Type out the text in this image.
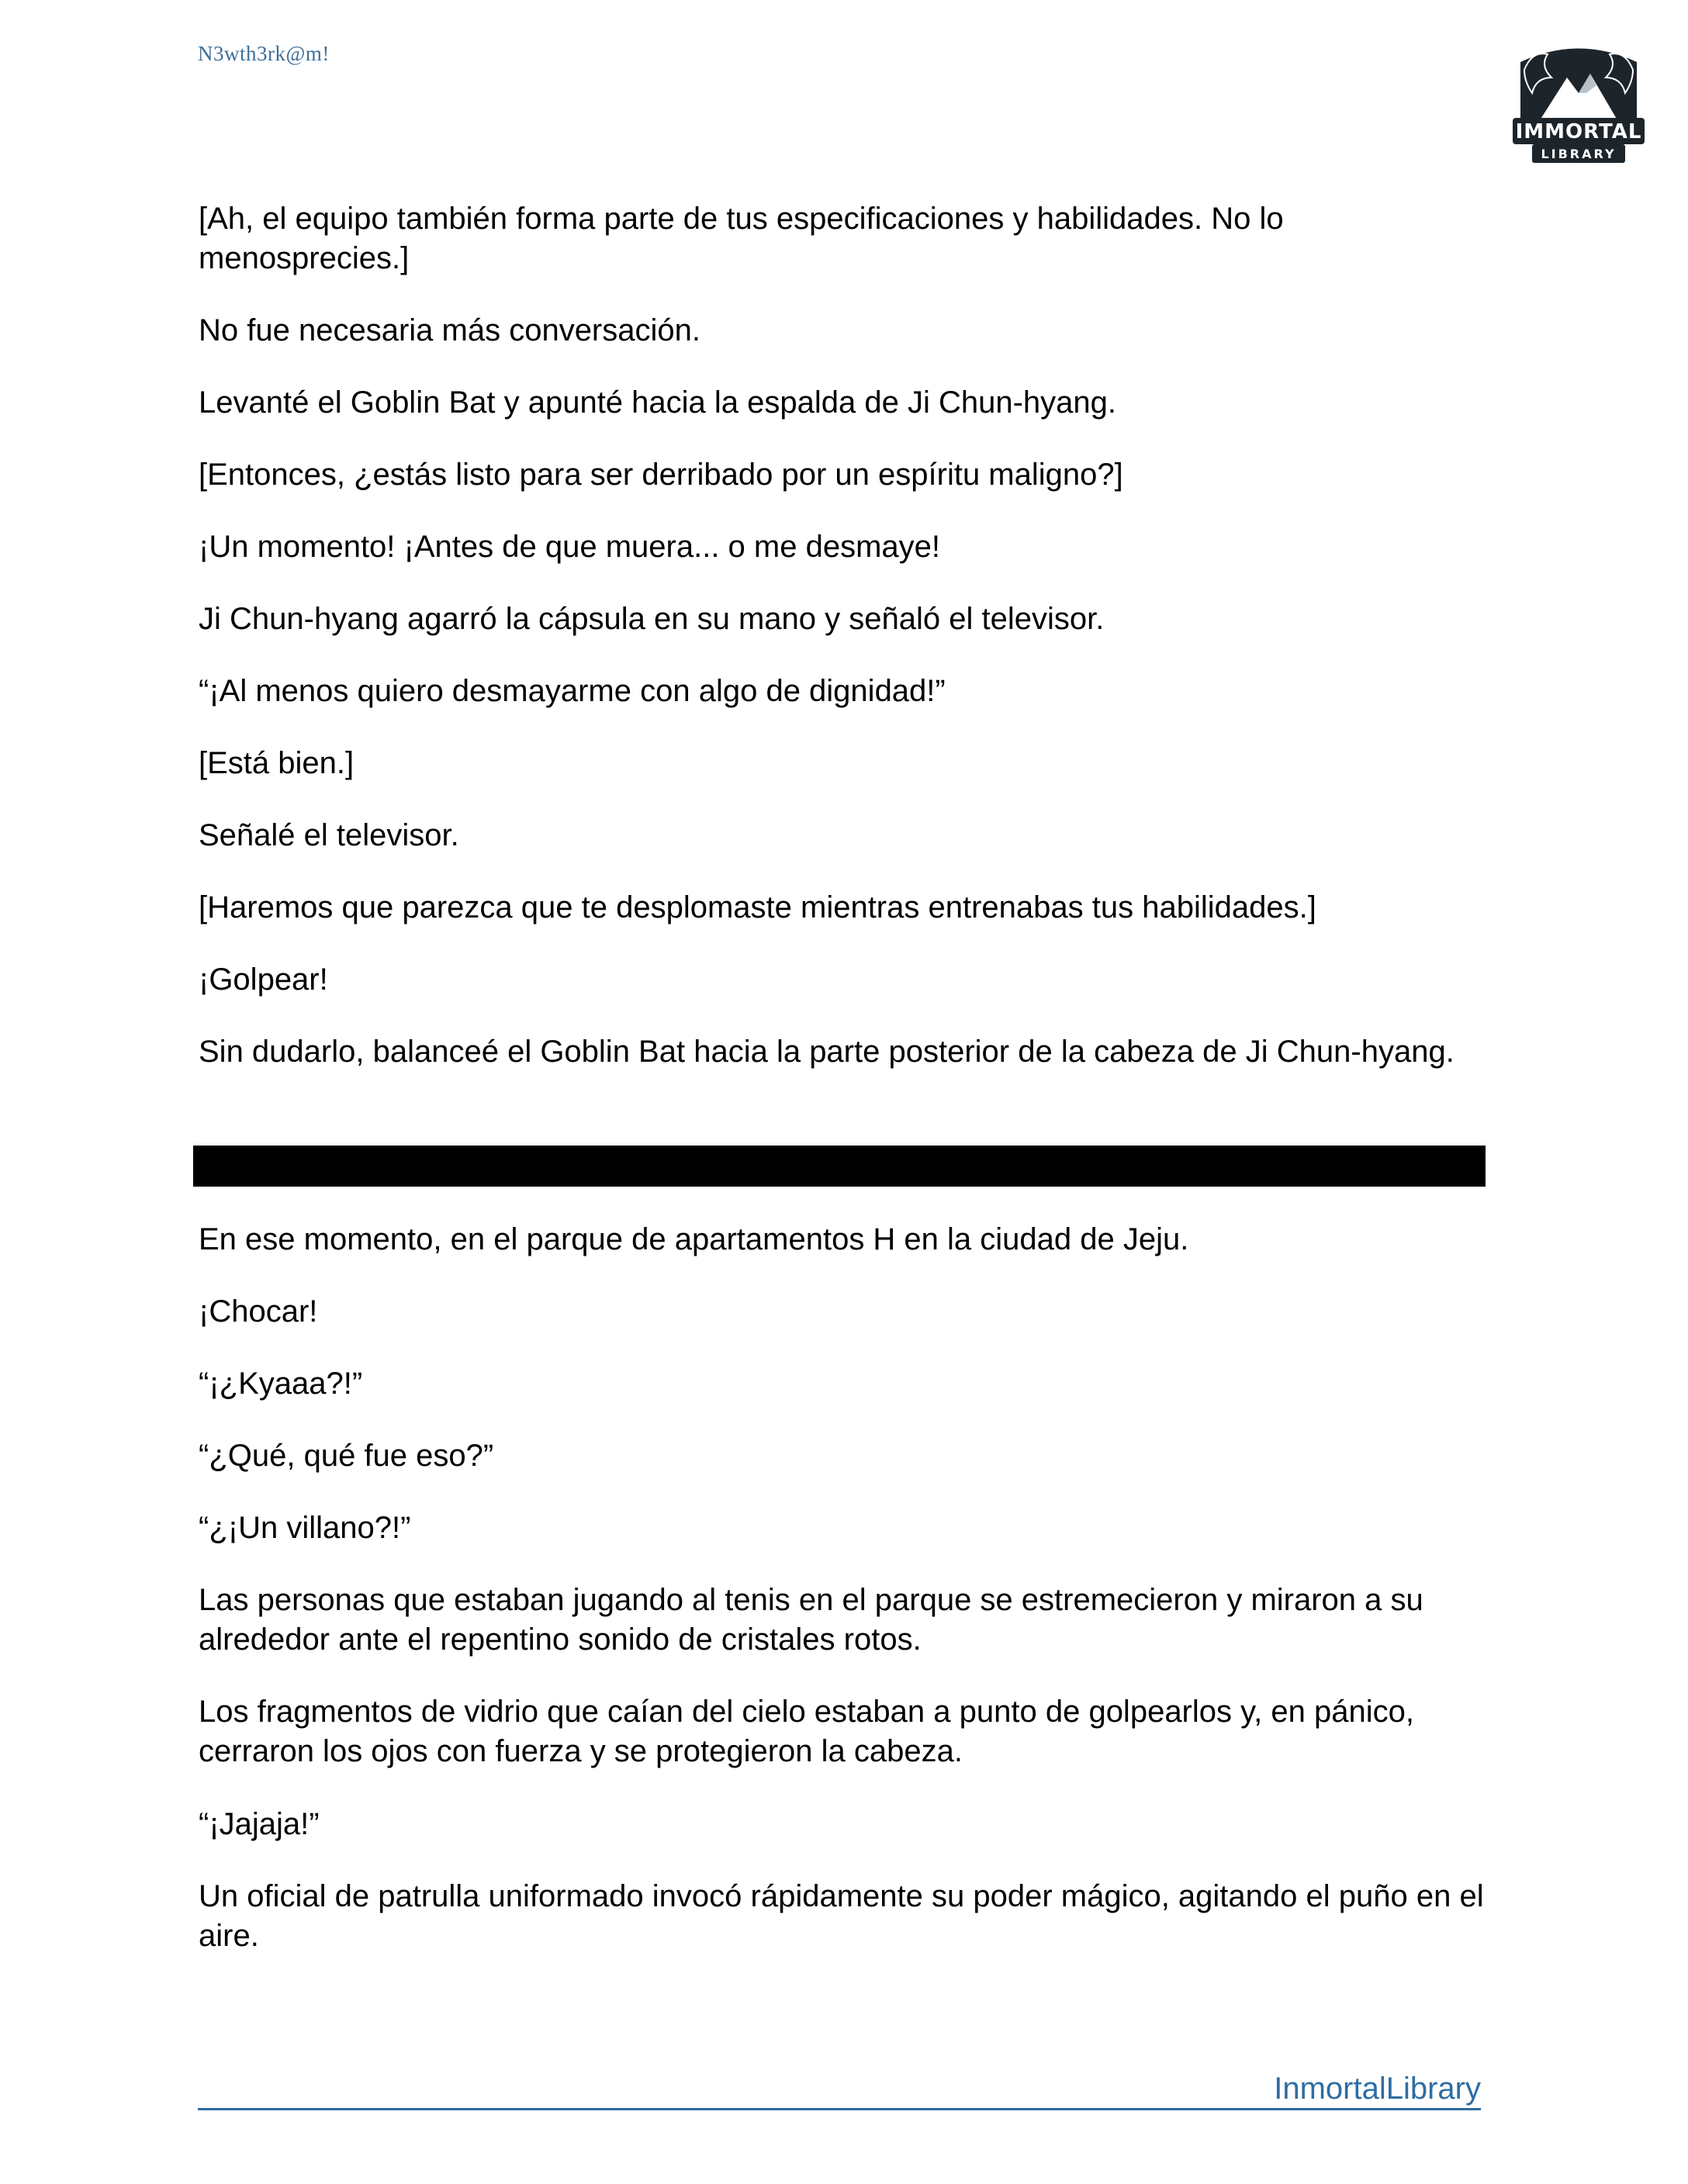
N3wth3rk@m!
IMMORTAL
LIBRARY

[Ah, el equipo también forma parte de tus especificaciones y habilidades. No lo menosprecies.]

No fue necesaria más conversación.

Levanté el Goblin Bat y apunté hacia la espalda de Ji Chun-hyang.

[Entonces, ¿estás listo para ser derribado por un espíritu maligno?]

¡Un momento! ¡Antes de que muera... o me desmaye!

Ji Chun-hyang agarró la cápsula en su mano y señaló el televisor.

“¡Al menos quiero desmayarme con algo de dignidad!”

[Está bien.]

Señalé el televisor.

[Haremos que parezca que te desplomaste mientras entrenabas tus habilidades.]

¡Golpear!

Sin dudarlo, balanceé el Goblin Bat hacia la parte posterior de la cabeza de Ji Chun-hyang.

En ese momento, en el parque de apartamentos H en la ciudad de Jeju.

¡Chocar!

“¡¿Kyaaa?!”

“¿Qué, qué fue eso?”

“¿¡Un villano?!”

Las personas que estaban jugando al tenis en el parque se estremecieron y miraron a su alrededor ante el repentino sonido de cristales rotos.

Los fragmentos de vidrio que caían del cielo estaban a punto de golpearlos y, en pánico, cerraron los ojos con fuerza y se protegieron la cabeza.

“¡Jajaja!”

Un oficial de patrulla uniformado invocó rápidamente su poder mágico, agitando el puño en el aire.

InmortalLibrary
